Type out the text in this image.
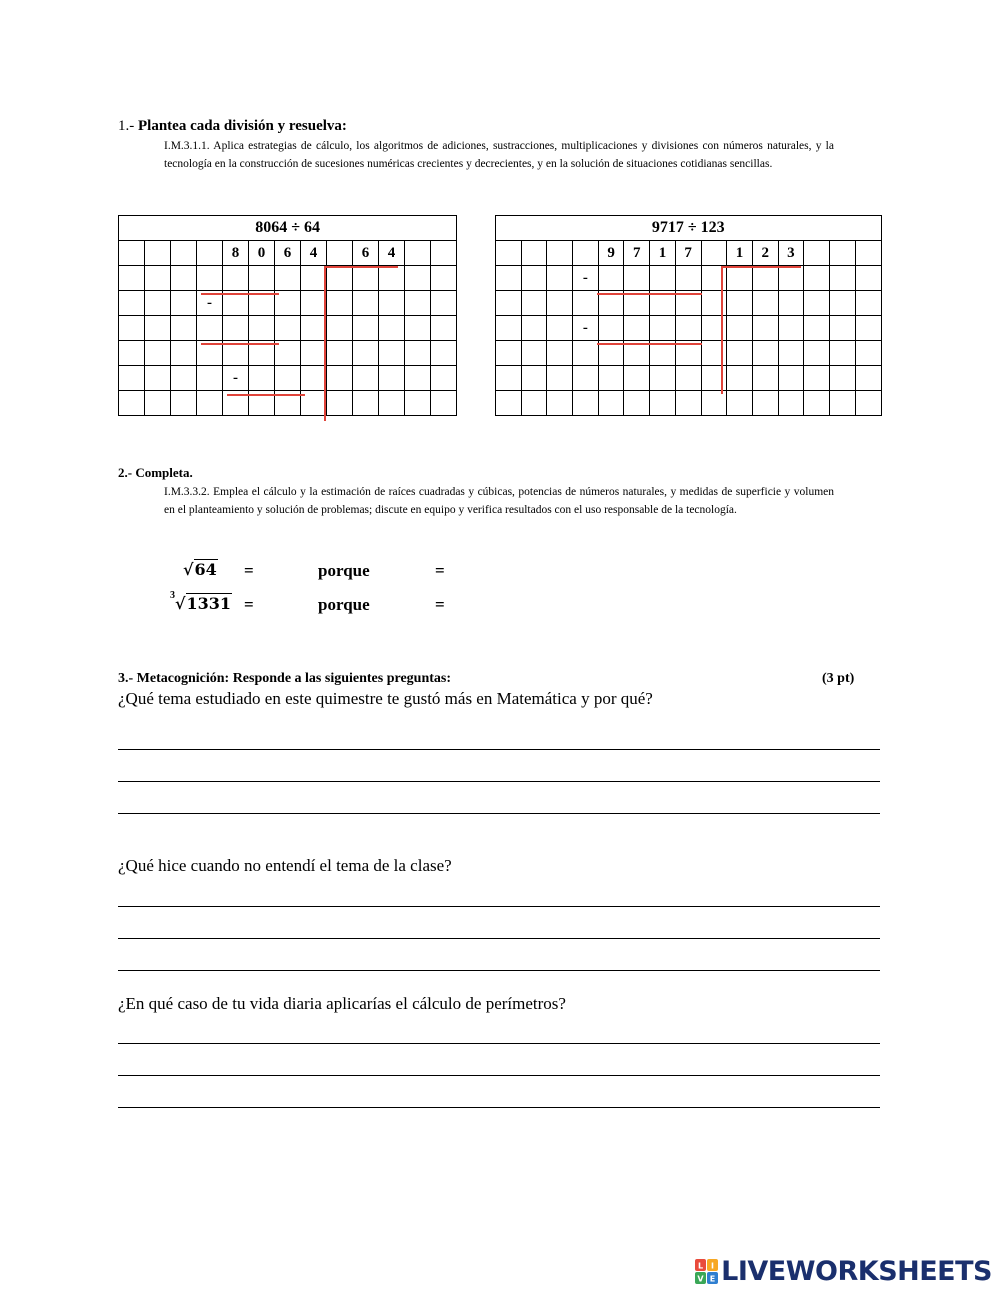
1.- Plantea cada división y resuelva:
I.M.3.1.1. Aplica estrategias de cálculo, los algoritmos de adiciones, sustracciones, multiplicaciones y divisiones con números naturales, y la tecnología en la construcción de sucesiones numéricas crecientes y decrecientes, y en la solución de situaciones cotidianas sencillas.
8064 ÷ 64												
				8	0	6	4		6	4		

			-									

				-								

9717 ÷ 123														
				9	7	1	7		1	2	3			
			-											

			-											

2.- Completa.
I.M.3.3.2. Emplea el cálculo y la estimación de raíces cuadradas y cúbicas, potencias de números naturales, y medidas de superficie y volumen en el planteamiento y solución de problemas; discute en equipo y verifica resultados con el uso responsable de la tecnología.
√64 =	porque	=
$^3$√1331 =	porque	=
3.- Metacognición: Responde a las siguientes preguntas:	(3 pt)
¿Qué tema estudiado en este quimestre te gustó más en Matemática y por qué?
¿Qué hice cuando no entendí el tema de la clase?
¿En qué caso de tu vida diaria aplicarías el cálculo de perímetros?
L I
V E LIVEWORKSHEETS
